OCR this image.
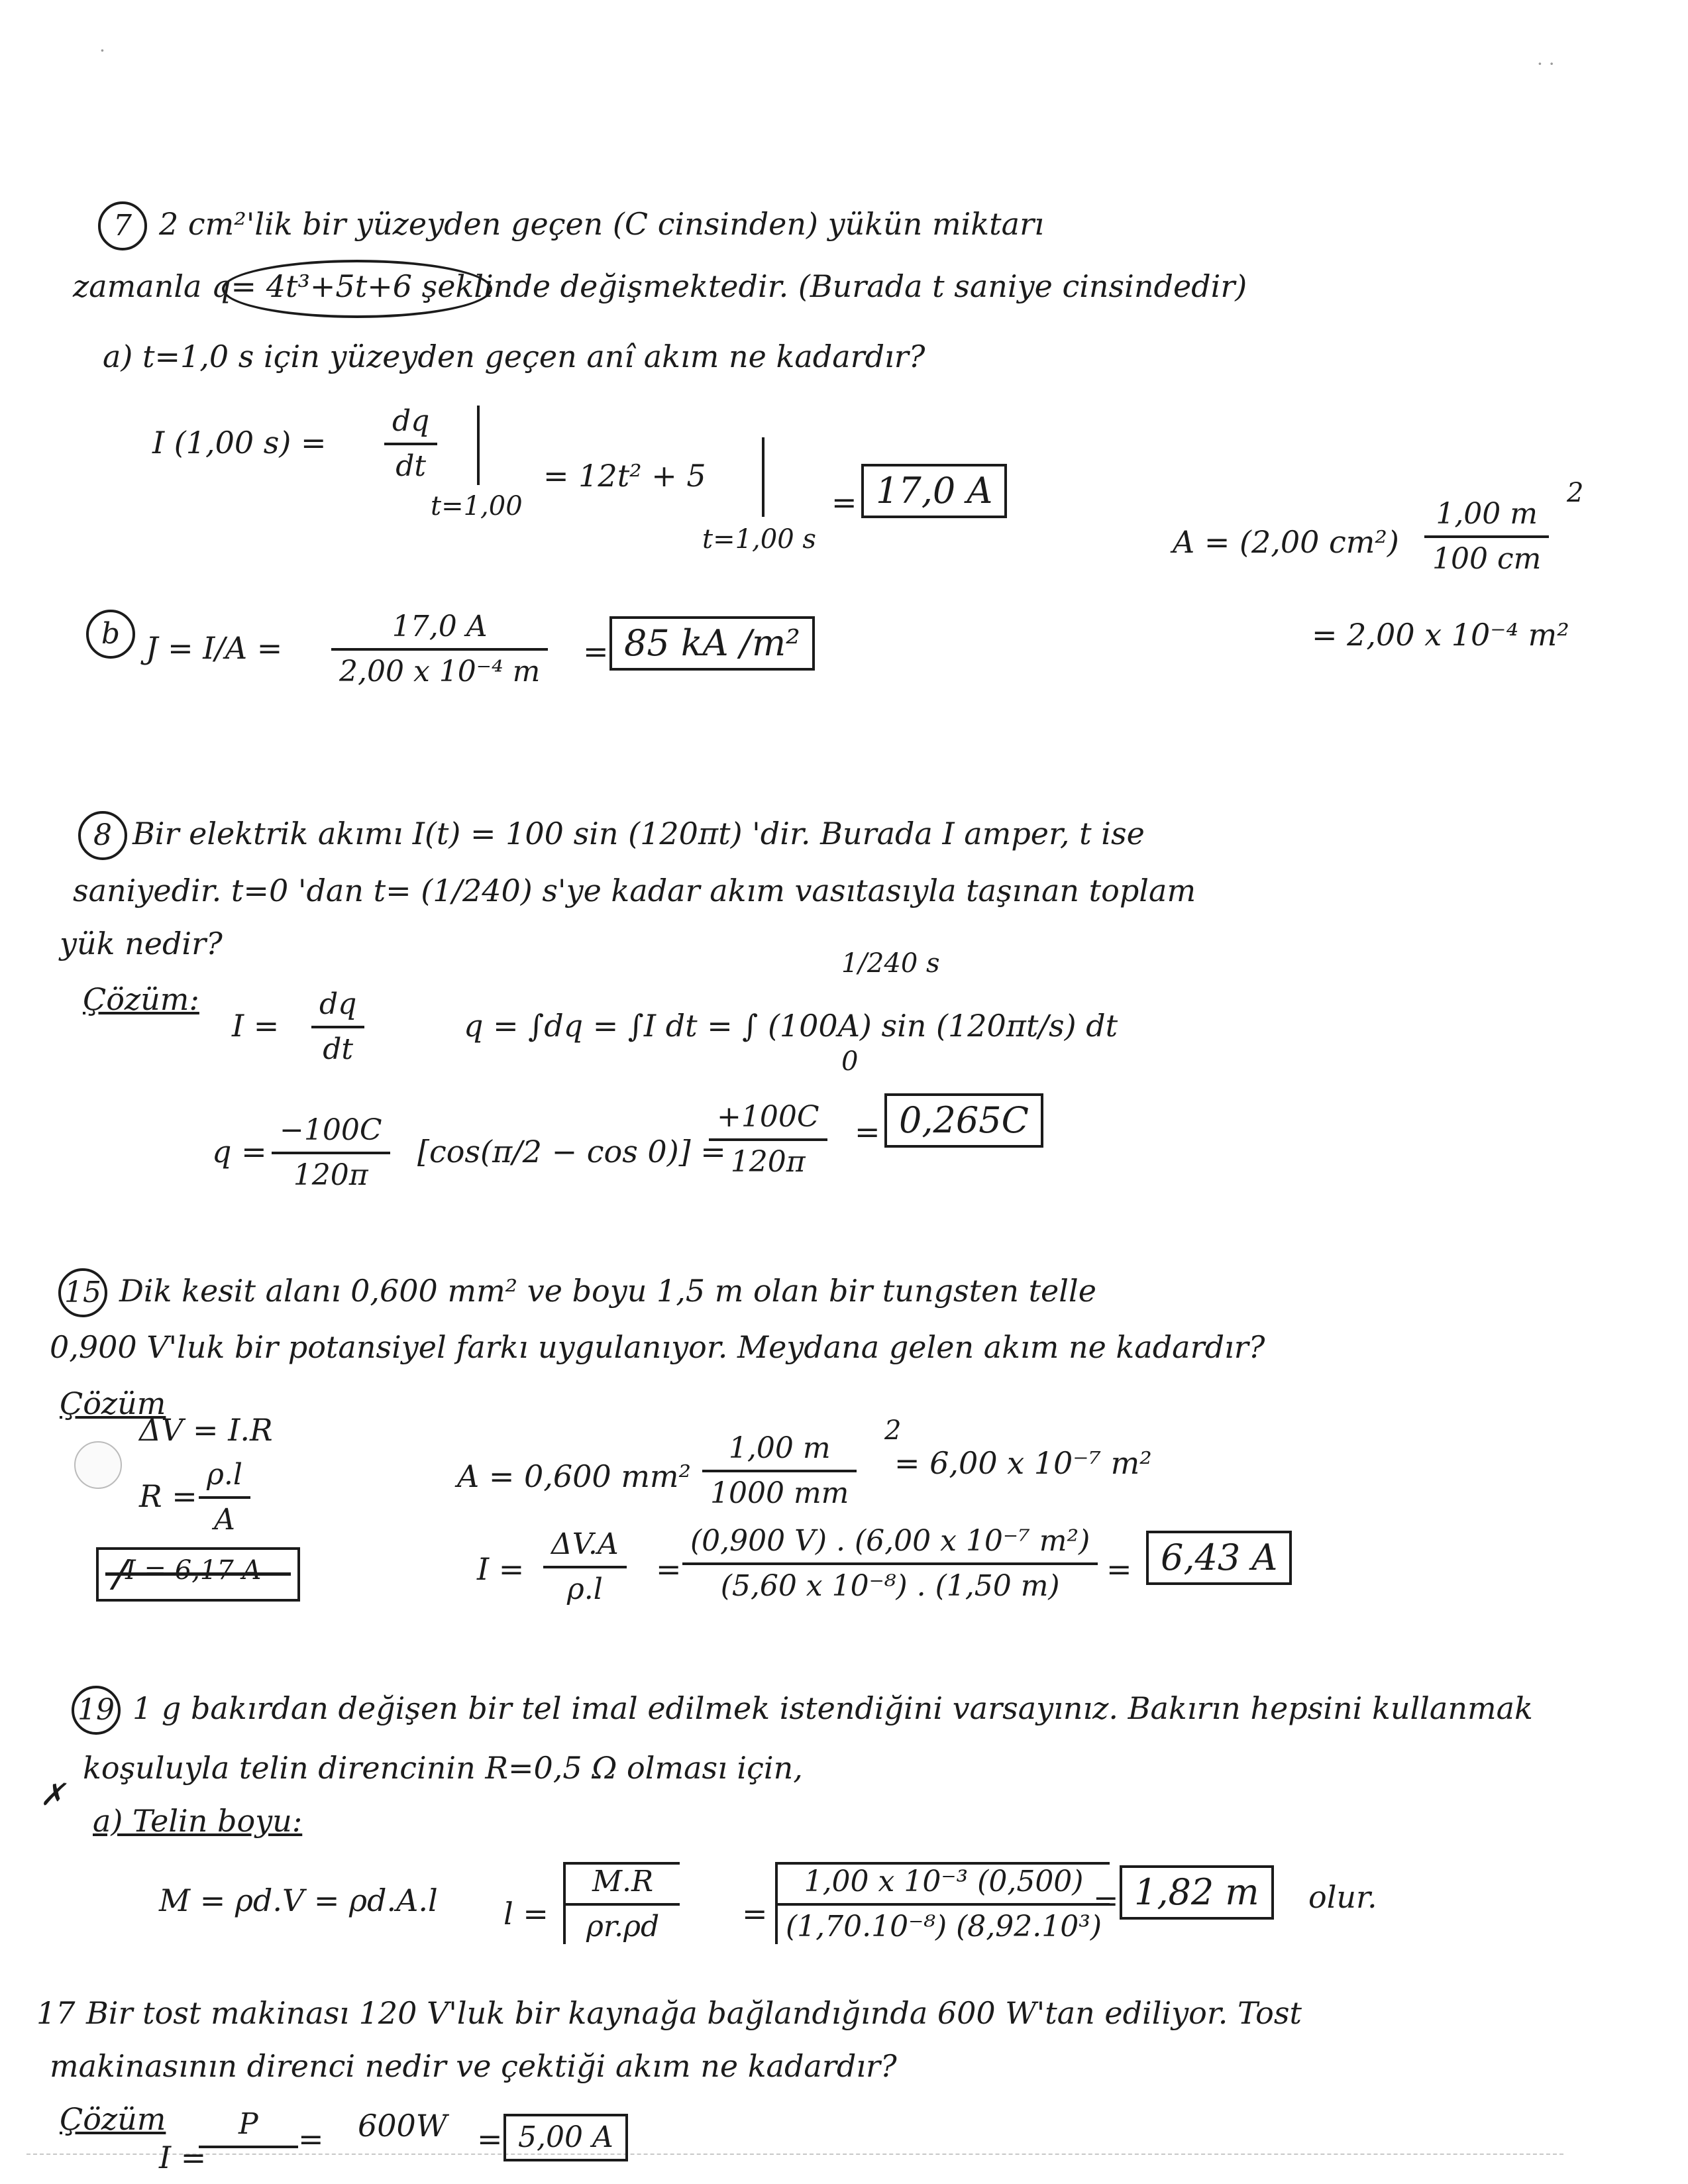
·
· ·
7 2 cm²'lik bir yüzeyden geçen (C cinsinden) yükün miktarı
zamanla q= 4t³+5t+6 şeklinde değişmektedir. (Burada t saniye cinsindedir)
a) t=1,0 s için yüzeyden geçen anî akım ne kadardır?
I (1,00 $s) = \frac{dq}{dt}$
t=1,00
= 12t² + 5
t=1,00 s
= 17,0 A
A = (2,00 $cm^2) \frac{1,00 m}{100 cm}$
2
= 2,00 x 10⁻⁴ m²
b $J = I/A = \frac{17,0 A}{\text{2,00 x 10⁻⁴ m}} = 85$ kA /m²
8 Bir elektrik akımı I(t) = 100 sin (120πt) 'dir. Burada I amper, t ise
saniyedir. t=0 'dan t= (1/240) s'ye kadar akım vasıtasıyla taşınan toplam
yük nedir?
1/240 s
Çözüm:
$I = \frac{dq}{dt}$	q = ∫dq = ∫I dt = ∫ (100A) sin (120πt/s) dt
0
$q = \frac{-100C}{120\pi} [\cos(\pi/2 - \cos 0)]$ =
$\frac{+100C}{120\pi} = 0,265C$
15 Dik kesit alanı 0,600 mm² ve boyu 1,5 m olan bir tungsten telle
0,900 V'luk bir potansiyel farkı uygulanıyor. Meydana gelen akım ne kadardır?
Çözüm
ΔV = I.R
$R = \frac{\rho.l}{A}$
I = 6,17 A
A = 0,600 $mm^2 \frac{1,00 m}{1000 mm}$
2
= 6,00 x 10⁻⁷ m²
$I = \frac{\Delta V.A}{\rho.l} = \frac{\text{(0,900 V) . (6,00 x 10⁻⁷ m²)}}{\text{(5,60 x 10⁻⁸) . (1,50 m)}} = 6,43$ A
19 1 g bakırdan değişen bir tel imal edilmek istendiğini varsayınız. Bakırın hepsini kullanmak
koşuluyla telin direncinin R=0,5 Ω olması için,
✗
a) Telin boyu:
M = ρd.V = ρd.A.l $l = \frac{M.R}{\rho r.\rho d} = \frac{\text{1,00 x 10⁻³ (0,500)}}{\text{(1,70.10⁻⁸) (8,92.10³)}}$
= 1,82 m	olur.
17 Bir tost makinası 120 V'luk bir kaynağa bağlandığında 600 W'tan ediliyor. Tost
makinasının direnci nedir ve çektiği akım ne kadardır?
Çözüm
I =
P	= 600W = 5,00 A
